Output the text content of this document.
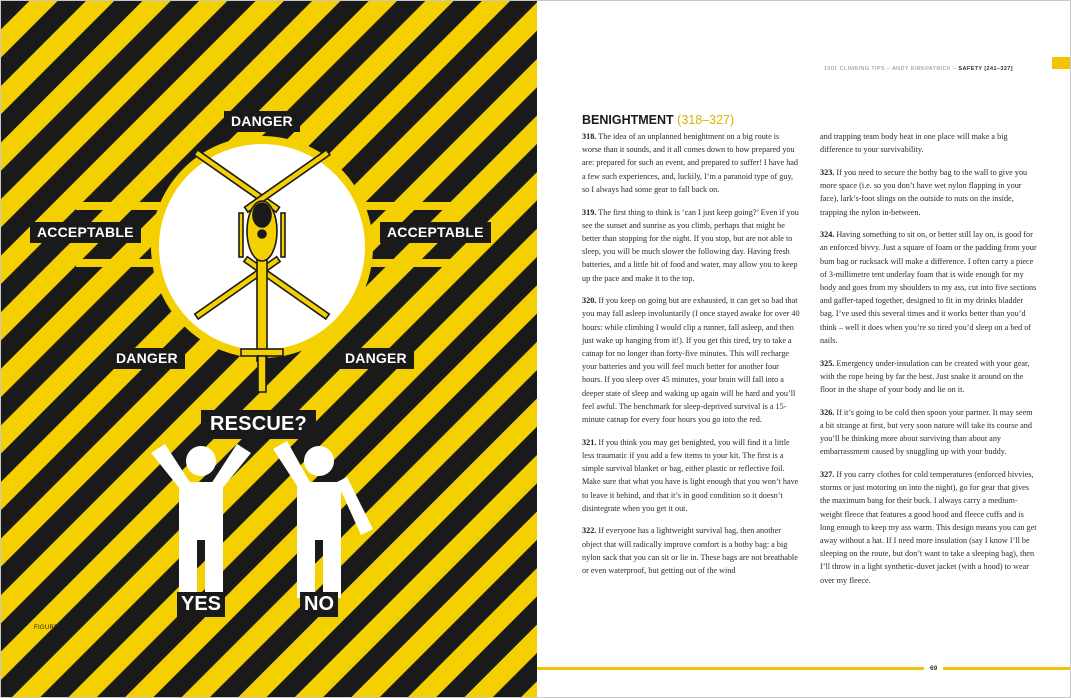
DANGER
ACCEPTABLE	ACCEPTABLE
DANGER	DANGER
RESCUE?
YES	NO
FIGURE 18
1001 CLIMBING TIPS – ANDY KIRKPATRICK – SAFETY [241–327]
BENIGHTMENT (318–327)

318. The idea of an unplanned benightment on a big route is worse than it sounds, and it all comes down to how prepared you are: prepared for such an event, and prepared to suffer! I have had a few such experiences, and, luckily, I’m a paranoid type of guy, so I always had some gear to fall back on.

319. The first thing to think is ‘can I just keep going?’ Even if you see the sunset and sunrise as you climb, perhaps that might be better than stopping for the night. If you stop, but are not able to sleep, you will be much slower the following day. Having fresh batteries, and a little bit of food and water, may allow you to keep up the pace and make it to the top.

320. If you keep on going but are exhausted, it can get so bad that you may fall asleep involuntarily (I once stayed awake for over 40 hours: while climbing I would clip a runner, fall asleep, and then just wake up hanging from it!). If you get this tired, try to take a catnap for no longer than forty-five minutes. This will recharge your batteries and you will feel much better for another four hours. If you sleep over 45 minutes, your brain will fall into a deeper state of sleep and waking up again will be hard and you’ll feel awful. The benchmark for sleep-deprived survival is a 15-minute catnap for every four hours you go into the red.

321. If you think you may get benighted, you will find it a little less traumatic if you add a few items to your kit. The first is a simple survival blanket or bag, either plastic or reflective foil. Make sure that what you have is light enough that you won’t have to leave it behind, and that it’s in good condition so it doesn’t disintegrate when you get it out.

322. If everyone has a lightweight survival bag, then another object that will radically improve comfort is a bothy bag: a big nylon sack that you can sit or lie in. These bags are not breathable or even waterproof, but getting out of the wind

and trapping team body heat in one place will make a big difference to your survivability.

323. If you need to secure the bothy bag to the wall to give you more space (i.e. so you don’t have wet nylon flapping in your face), lark’s-foot slings on the outside to nuts on the inside, trapping the nylon in-between.

324. Having something to sit on, or better still lay on, is good for an enforced bivvy. Just a square of foam or the padding from your bum bag or rucksack will make a difference. I often carry a piece of 3-millimetre tent underlay foam that is wide enough for my body and goes from my shoulders to my ass, cut into five sections and gaffer-taped together, designed to fit in my drinks bladder bag. I’ve used this several times and it works better than you’d think – well it does when you’re so tired you’d sleep on a bed of nails.

325. Emergency under-insulation can be created with your gear, with the rope being by far the best. Just snake it around on the floor in the shape of your body and lie on it.

326. If it’s going to be cold then spoon your partner. It may seem a bit strange at first, but very soon nature will take its course and you’ll be thinking more about surviving than about any embarrassment caused by snuggling up with your buddy.

327. If you carry clothes for cold temperatures (enforced bivvies, storms or just motoring on into the night), go for gear that gives the maximum bang for their buck. I always carry a medium-weight fleece that features a good hood and fleece cuffs and is long enough to keep my ass warm. This design means you can get away without a hat. If I need more insulation (say I know I’ll be sleeping on the route, but don’t want to take a sleeping bag), then I’ll throw in a light synthetic-duvet jacket (with a hood) to wear over my fleece.

69
